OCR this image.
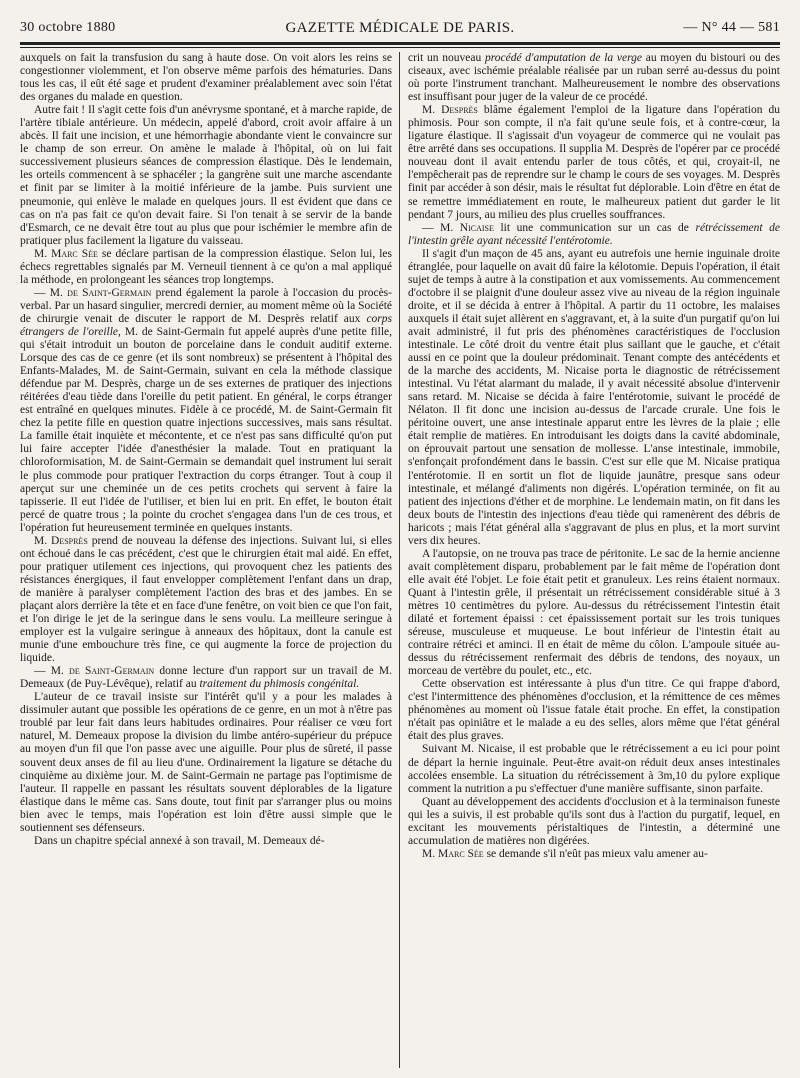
30 octobre 1880	GAZETTE MÉDICALE DE PARIS.	— N° 44 — 581

auxquels on fait la transfusion du sang à haute dose. On voit alors les reins se congestionner violemment, et l'on observe même parfois des hématuries. Dans tous les cas, il eût été sage et prudent d'examiner préalablement avec soin l'état des organes du malade en question.

Autre fait ! Il s'agit cette fois d'un anévrysme spontané, et à marche rapide, de l'artère tibiale antérieure. Un médecin, appelé d'abord, croit avoir affaire à un abcès. Il fait une incision, et une hémorrhagie abondante vient le convaincre sur le champ de son erreur. On amène le malade à l'hôpital, où on lui fait successivement plusieurs séances de compression élastique. Dès le lendemain, les orteils commencent à se sphacéler ; la gangrène suit une marche ascendante et finit par se limiter à la moitié inférieure de la jambe. Puis survient une pneumonie, qui enlève le malade en quelques jours. Il est évident que dans ce cas on n'a pas fait ce qu'on devait faire. Si l'on tenait à se servir de la bande d'Esmarch, ce ne devait être tout au plus que pour ischémier le membre afin de pratiquer plus facilement la ligature du vaisseau.

M. Marc Sée se déclare partisan de la compression élastique. Selon lui, les échecs regrettables signalés par M. Verneuil tiennent à ce qu'on a mal appliqué la méthode, en prolongeant les séances trop longtemps.

— M. de Saint-Germain prend également la parole à l'occasion du procès-verbal. Par un hasard singulier, mercredi dernier, au moment même où la Société de chirurgie venait de discuter le rapport de M. Desprès relatif aux corps étrangers de l'oreille, M. de Saint-Germain fut appelé auprès d'une petite fille, qui s'était introduit un bouton de porcelaine dans le conduit auditif externe. Lorsque des cas de ce genre (et ils sont nombreux) se présentent à l'hôpital des Enfants-Malades, M. de Saint-Germain, suivant en cela la méthode classique défendue par M. Desprès, charge un de ses externes de pratiquer des injections réitérées d'eau tiède dans l'oreille du petit patient. En général, le corps étranger est entraîné en quelques minutes. Fidèle à ce procédé, M. de Saint-Germain fit chez la petite fille en question quatre injections successives, mais sans résultat. La famille était inquiète et mécontente, et ce n'est pas sans difficulté qu'on put lui faire accepter l'idée d'anesthésier la malade. Tout en pratiquant la chloroformisation, M. de Saint-Germain se demandait quel instrument lui serait le plus commode pour pratiquer l'extraction du corps étranger. Tout à coup il aperçut sur une cheminée un de ces petits crochets qui servent à faire la tapisserie. Il eut l'idée de l'utiliser, et bien lui en prit. En effet, le bouton était percé de quatre trous ; la pointe du crochet s'engagea dans l'un de ces trous, et l'opération fut heureusement terminée en quelques instants.

M. Desprès prend de nouveau la défense des injections. Suivant lui, si elles ont échoué dans le cas précédent, c'est que le chirurgien était mal aidé. En effet, pour pratiquer utilement ces injections, qui provoquent chez les patients des résistances énergiques, il faut envelopper complètement l'enfant dans un drap, de manière à paralyser complètement l'action des bras et des jambes. En se plaçant alors derrière la tête et en face d'une fenêtre, on voit bien ce que l'on fait, et l'on dirige le jet de la seringue dans le sens voulu. La meilleure seringue à employer est la vulgaire seringue à anneaux des hôpitaux, dont la canule est munie d'une embouchure très fine, ce qui augmente la force de projection du liquide.

— M. de Saint-Germain donne lecture d'un rapport sur un travail de M. Demeaux (de Puy-Lévêque), relatif au traitement du phimosis congénital.

L'auteur de ce travail insiste sur l'intérêt qu'il y a pour les malades à dissimuler autant que possible les opérations de ce genre, en un mot à n'être pas troublé par leur fait dans leurs habitudes ordinaires. Pour réaliser ce vœu fort naturel, M. Demeaux propose la division du limbe antéro-supérieur du prépuce au moyen d'un fil que l'on passe avec une aiguille. Pour plus de sûreté, il passe souvent deux anses de fil au lieu d'une. Ordinairement la ligature se détache du cinquième au dixième jour. M. de Saint-Germain ne partage pas l'optimisme de l'auteur. Il rappelle en passant les résultats souvent déplorables de la ligature élastique dans le même cas. Sans doute, tout finit par s'arranger plus ou moins bien avec le temps, mais l'opération est loin d'être aussi simple que le soutiennent ses défenseurs.

Dans un chapitre spécial annexé à son travail, M. Demeaux dé-

crit un nouveau procédé d'amputation de la verge au moyen du bistouri ou des ciseaux, avec ischémie préalable réalisée par un ruban serré au-dessus du point où porte l'instrument tranchant. Malheureusement le nombre des observations est insuffisant pour juger de la valeur de ce procédé.

M. Desprès blâme également l'emploi de la ligature dans l'opération du phimosis. Pour son compte, il n'a fait qu'une seule fois, et à contre-cœur, la ligature élastique. Il s'agissait d'un voyageur de commerce qui ne voulait pas être arrêté dans ses occupations. Il supplia M. Desprès de l'opérer par ce procédé nouveau dont il avait entendu parler de tous côtés, et qui, croyait-il, ne l'empêcherait pas de reprendre sur le champ le cours de ses voyages. M. Desprès finit par accéder à son désir, mais le résultat fut déplorable. Loin d'être en état de se remettre immédiatement en route, le malheureux patient dut garder le lit pendant 7 jours, au milieu des plus cruelles souffrances.

— M. Nicaise lit une communication sur un cas de rétrécissement de l'intestin grêle ayant nécessité l'entérotomie.

Il s'agit d'un maçon de 45 ans, ayant eu autrefois une hernie inguinale droite étranglée, pour laquelle on avait dû faire la kélotomie. Depuis l'opération, il était sujet de temps à autre à la constipation et aux vomissements. Au commencement d'octobre il se plaignit d'une douleur assez vive au niveau de la région inguinale droite, et il se décida à entrer à l'hôpital. A partir du 11 octobre, les malaises auxquels il était sujet allèrent en s'aggravant, et, à la suite d'un purgatif qu'on lui avait administré, il fut pris des phénomènes caractéristiques de l'occlusion intestinale. Le côté droit du ventre était plus saillant que le gauche, et c'était aussi en ce point que la douleur prédominait. Tenant compte des antécédents et de la marche des accidents, M. Nicaise porta le diagnostic de rétrécissement intestinal. Vu l'état alarmant du malade, il y avait nécessité absolue d'intervenir sans retard. M. Nicaise se décida à faire l'entérotomie, suivant le procédé de Nélaton. Il fit donc une incision au-dessus de l'arcade crurale. Une fois le péritoine ouvert, une anse intestinale apparut entre les lèvres de la plaie ; elle était remplie de matières. En introduisant les doigts dans la cavité abdominale, on éprouvait partout une sensation de mollesse. L'anse intestinale, immobile, s'enfonçait profondément dans le bassin. C'est sur elle que M. Nicaise pratiqua l'entérotomie. Il en sortit un flot de liquide jaunâtre, presque sans odeur intestinale, et mélangé d'aliments non digérés. L'opération terminée, on fit au patient des injections d'éther et de morphine. Le lendemain matin, on fit dans les deux bouts de l'intestin des injections d'eau tiède qui ramenèrent des débris de haricots ; mais l'état général alla s'aggravant de plus en plus, et la mort survint vers dix heures.

A l'autopsie, on ne trouva pas trace de péritonite. Le sac de la hernie ancienne avait complètement disparu, probablement par le fait même de l'opération dont elle avait été l'objet. Le foie était petit et granuleux. Les reins étaient normaux. Quant à l'intestin grêle, il présentait un rétrécissement considérable situé à 3 mètres 10 centimètres du pylore. Au-dessus du rétrécissement l'intestin était dilaté et fortement épaissi : cet épaississement portait sur les trois tuniques séreuse, musculeuse et muqueuse. Le bout inférieur de l'intestin était au contraire rétréci et aminci. Il en était de même du côlon. L'ampoule située au-dessus du rétrécissement renfermait des débris de tendons, des noyaux, un morceau de vertèbre du poulet, etc., etc.

Cette observation est intéressante à plus d'un titre. Ce qui frappe d'abord, c'est l'intermittence des phénomènes d'occlusion, et la rémittence de ces mêmes phénomènes au moment où l'issue fatale était proche. En effet, la constipation n'était pas opiniâtre et le malade a eu des selles, alors même que l'état général était des plus graves.

Suivant M. Nicaise, il est probable que le rétrécissement a eu ici pour point de départ la hernie inguinale. Peut-être avait-on réduit deux anses intestinales accolées ensemble. La situation du rétrécissement à 3m,10 du pylore explique comment la nutrition a pu s'effectuer d'une manière suffisante, sinon parfaite.

Quant au développement des accidents d'occlusion et à la terminaison funeste qui les a suivis, il est probable qu'ils sont dus à l'action du purgatif, lequel, en excitant les mouvements péristaltiques de l'intestin, a déterminé une accumulation de matières non digérées.

M. Marc Sée se demande s'il n'eût pas mieux valu amener au-
